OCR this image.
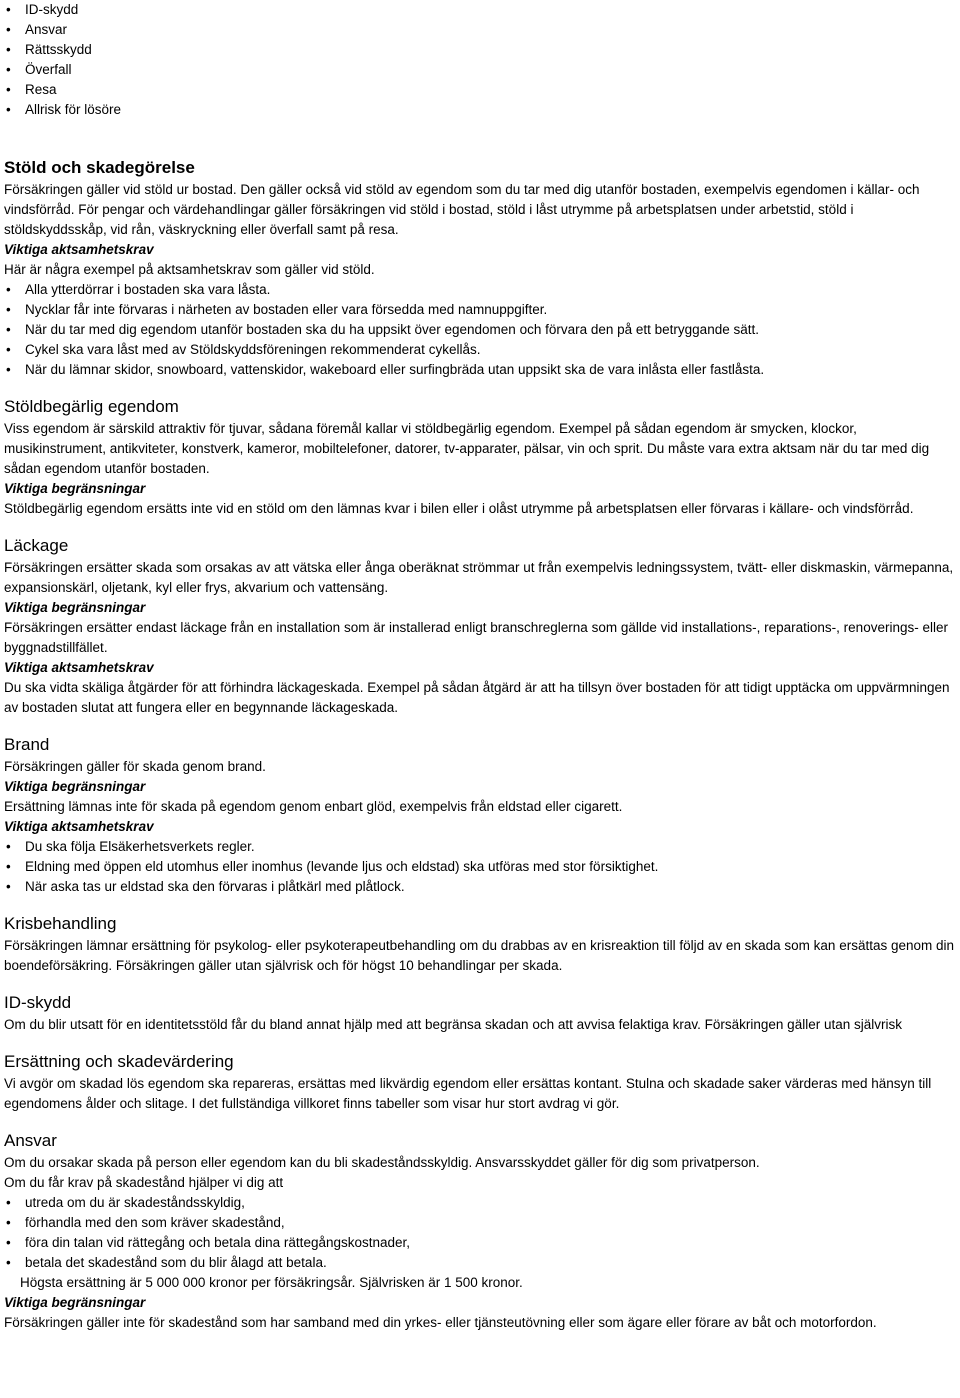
• ID-skydd
• Ansvar
• Rättsskydd
• Överfall
• Resa
• Allrisk för lösöre
Stöld och skadegörelse

Försäkringen gäller vid stöld ur bostad. Den gäller också vid stöld av egendom som du tar med dig utanför bostaden, exempelvis egendomen i källar- och vindsförråd. För pengar och värdehandlingar gäller försäkringen vid stöld i bostad, stöld i låst utrymme på arbetsplatsen under arbetstid, stöld i stöldskyddsskåp, vid rån, väskryckning eller överfall samt på resa.

Viktiga aktsamhetskrav

Här är några exempel på aktsamhetskrav som gäller vid stöld.

• Alla ytterdörrar i bostaden ska vara låsta.
• Nycklar får inte förvaras i närheten av bostaden eller vara försedda med namnuppgifter.
• När du tar med dig egendom utanför bostaden ska du ha uppsikt över egendomen och förvara den på ett betryggande sätt.
• Cykel ska vara låst med av Stöldskyddsföreningen rekommenderat cykellås.
• När du lämnar skidor, snowboard, vattenskidor, wakeboard eller surfingbräda utan uppsikt ska de vara inlåsta eller fastlåsta.
Stöldbegärlig egendom

Viss egendom är särskild attraktiv för tjuvar, sådana föremål kallar vi stöldbegärlig egendom. Exempel på sådan egendom är smycken, klockor, musikinstrument, antikviteter, konstverk, kameror, mobiltelefoner, datorer, tv-apparater, pälsar, vin och sprit. Du måste vara extra aktsam när du tar med dig sådan egendom utanför bostaden.

Viktiga begränsningar

Stöldbegärlig egendom ersätts inte vid en stöld om den lämnas kvar i bilen eller i olåst utrymme på arbetsplatsen eller förvaras i källare- och vindsförråd.

Läckage

Försäkringen ersätter skada som orsakas av att vätska eller ånga oberäknat strömmar ut från exempelvis ledningssystem, tvätt- eller diskmaskin, värmepanna, expansionskärl, oljetank, kyl eller frys, akvarium och vattensäng.

Viktiga begränsningar

Försäkringen ersätter endast läckage från en installation som är installerad enligt branschreglerna som gällde vid installations-, reparations-, renoverings- eller byggnadstillfället.

Viktiga aktsamhetskrav

Du ska vidta skäliga åtgärder för att förhindra läckageskada. Exempel på sådan åtgärd är att ha tillsyn över bostaden för att tidigt upptäcka om uppvärmningen av bostaden slutat att fungera eller en begynnande läckageskada.

Brand

Försäkringen gäller för skada genom brand.

Viktiga begränsningar

Ersättning lämnas inte för skada på egendom genom enbart glöd, exempelvis från eldstad eller cigarett.

Viktiga aktsamhetskrav

• Du ska följa Elsäkerhetsverkets regler.
• Eldning med öppen eld utomhus eller inomhus (levande ljus och eldstad) ska utföras med stor försiktighet.
• När aska tas ur eldstad ska den förvaras i plåtkärl med plåtlock.
Krisbehandling

Försäkringen lämnar ersättning för psykolog- eller psykoterapeutbehandling om du drabbas av en krisreaktion till följd av en skada som kan ersättas genom din boendeförsäkring. Försäkringen gäller utan självrisk och för högst 10 behandlingar per skada.

ID-skydd

Om du blir utsatt för en identitetsstöld får du bland annat hjälp med att begränsa skadan och att avvisa felaktiga krav. Försäkringen gäller utan självrisk

Ersättning och skadevärdering

Vi avgör om skadad lös egendom ska repareras, ersättas med likvärdig egendom eller ersättas kontant. Stulna och skadade saker värderas med hänsyn till egendomens ålder och slitage. I det fullständiga villkoret finns tabeller som visar hur stort avdrag vi gör.

Ansvar

Om du orsakar skada på person eller egendom kan du bli skadeståndsskyldig. Ansvarsskyddet gäller för dig som privatperson.

Om du får krav på skadestånd hjälper vi dig att

• utreda om du är skadeståndsskyldig,
• förhandla med den som kräver skadestånd,
• föra din talan vid rättegång och betala dina rättegångskostnader,
• betala det skadestånd som du blir ålagd att betala.

Högsta ersättning är 5 000 000 kronor per försäkringsår. Självrisken är 1 500 kronor.

Viktiga begränsningar

Försäkringen gäller inte för skadestånd som har samband med din yrkes- eller tjänsteutövning eller som ägare eller förare av båt och motorfordon.
